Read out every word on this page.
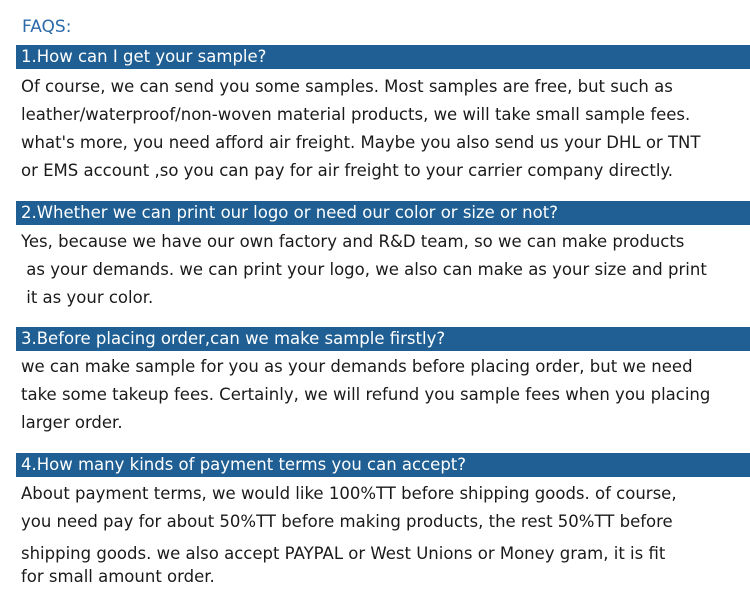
FAQS:
1.How can I get your sample?
Of course, we can send you some samples. Most samples are free, but such as
leather/waterproof/non-woven material products, we will take small sample fees.
what's more, you need afford air freight. Maybe you also send us your DHL or TNT
or EMS account ,so you can pay for air freight to your carrier company directly.
2.Whether we can print our logo or need our color or size or not?
Yes, because we have our own factory and R&D team, so we can make products
as your demands. we can print your logo, we also can make as your size and print
it as your color.
3.Before placing order,can we make sample firstly?
we can make sample for you as your demands before placing order, but we need
take some takeup fees. Certainly, we will refund you sample fees when you placing
larger order.
4.How many kinds of payment terms you can accept?
About payment terms, we would like 100%TT before shipping goods. of course,
you need pay for about 50%TT before making products, the rest 50%TT before
shipping goods. we also accept PAYPAL or West Unions or Money gram, it is fit
for small amount order.
